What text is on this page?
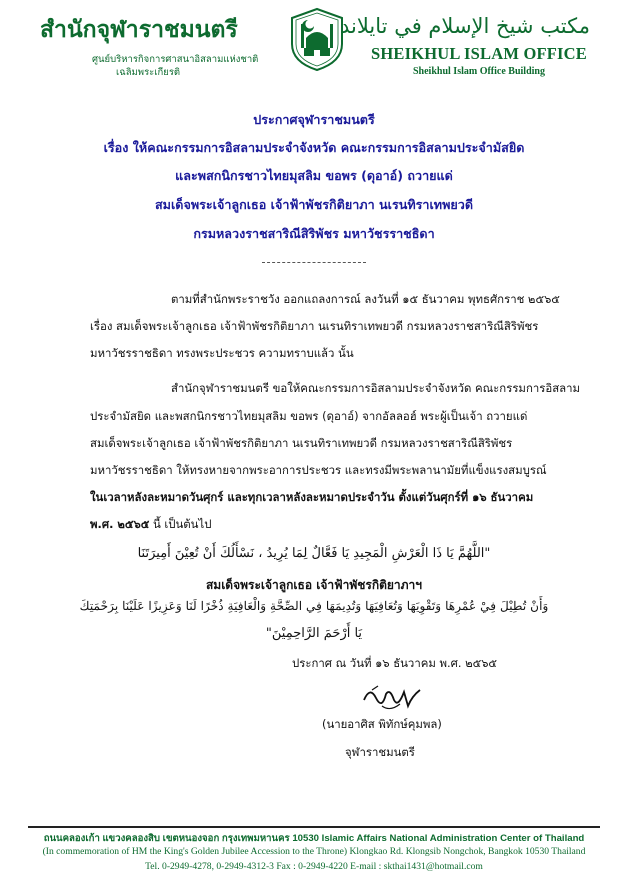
สำนักจุฬาราชมนตรี
ศูนย์บริหารกิจการศาสนาอิสลามแห่งชาติ
เฉลิมพระเกียรติ
مكتب شيخ الإسلام في تايلاند
SHEIKHUL ISLAM OFFICE
Sheikhul Islam Office Building
ประกาศจุฬาราชมนตรี
เรื่อง ให้คณะกรรมการอิสลามประจำจังหวัด คณะกรรมการอิสลามประจำมัสยิด
และพสกนิกรชาวไทยมุสลิม ขอพร (ดุอาอ์) ถวายแด่
สมเด็จพระเจ้าลูกเธอ เจ้าฟ้าพัชรกิติยาภา นเรนทิราเทพยวดี
กรมหลวงราชสาริณีสิริพัชร มหาวัชรราชธิดา
ตามที่สำนักพระราชวัง ออกแถลงการณ์ ลงวันที่ ๑๕ ธันวาคม พุทธศักราช ๒๕๖๕
เรื่อง สมเด็จพระเจ้าลูกเธอ เจ้าฟ้าพัชรกิติยาภา นเรนทิราเทพยวดี กรมหลวงราชสาริณีสิริพัชร
มหาวัชรราชธิดา ทรงพระประชวร ความทราบแล้ว นั้น
สำนักจุฬาราชมนตรี ขอให้คณะกรรมการอิสลามประจำจังหวัด คณะกรรมการอิสลาม
ประจำมัสยิด และพสกนิกรชาวไทยมุสลิม ขอพร (ดุอาอ์) จากอัลลอฮ์ พระผู้เป็นเจ้า ถวายแด่
สมเด็จพระเจ้าลูกเธอ เจ้าฟ้าพัชรกิติยาภา นเรนทิราเทพยวดี กรมหลวงราชสาริณีสิริพัชร
มหาวัชรราชธิดา ให้ทรงหายจากพระอาการประชวร และทรงมีพระพลานามัยที่แข็งแรงสมบูรณ์
ในเวลาหลังละหมาดวันศุกร์ และทุกเวลาหลังละหมาดประจำวัน ตั้งแต่วันศุกร์ที่ ๑๖ ธันวาคม
พ.ศ. ๒๕๖๕ นี้ เป็นต้นไป
"اللَّهُمَّ يَا ذَا الْعَرْشِ الْمَجِيدِ يَا فَعَّالٌ لِمَا يُرِيدُ ، نَسْأَلُكَ أَنْ تُعِيْنَ أَمِيرَتَنَا
สมเด็จพระเจ้าลูกเธอ เจ้าฟ้าพัชรกิติยาภาฯ
وَأَنْ تُطِيْلَ فِيْ عُمْرِهَا وَتَقْوِيَهَا وَتُعَافِيَهَا وَتُدِيمَهَا فِي الصِّحَّةِ وَالْعَافِيَةِ ذُخْرًا لَنَا وَعَزِيزًا عَلَيْنَا بِرَحْمَتِكَ
يَا أَرْحَمَ الرَّاحِمِيْنَ"
ประกาศ ณ วันที่ ๑๖ ธันวาคม พ.ศ. ๒๕๖๕
(นายอาศิส พิทักษ์คุมพล)
จุฬาราชมนตรี
ถนนคลองเก้า แขวงคลองสิบ เขตหนองจอก กรุงเทพมหานคร 10530 Islamic Affairs National Administration Center of Thailand
(In commemoration of HM the King's Golden Jubilee Accession to the Throne) Klongkao Rd. Klongsib Nongchok, Bangkok 10530 Thailand
Tel. 0-2949-4278, 0-2949-4312-3 Fax : 0-2949-4220 E-mail : skthai1431@hotmail.com
